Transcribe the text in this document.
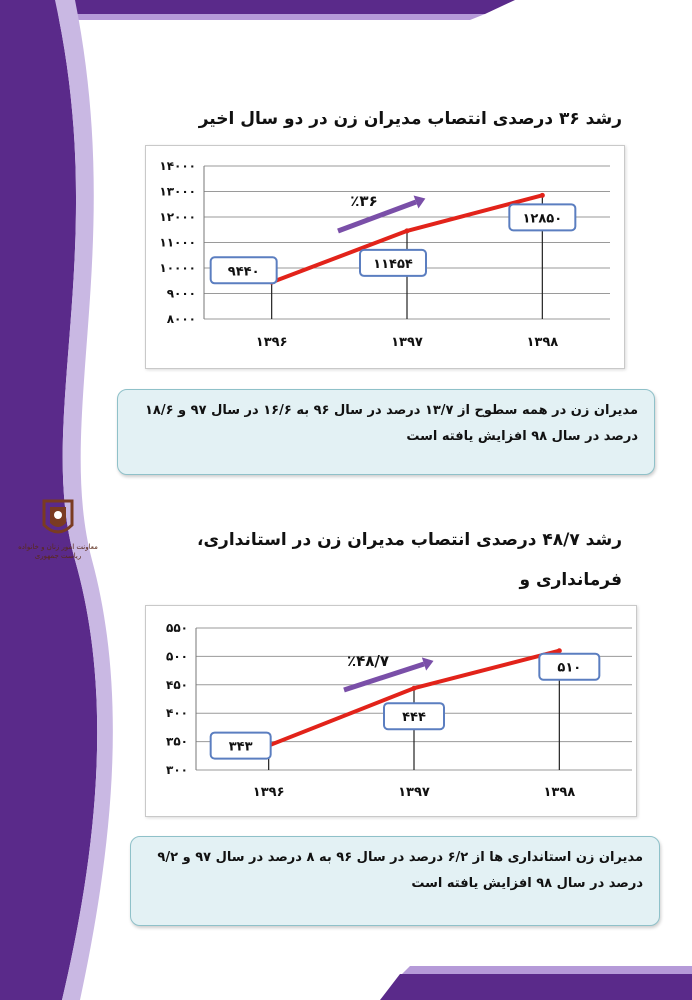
معاونت امور زنان و خانواده
ریاست جمهوری
رشد ۳۶ درصدی انتصاب مدیران زن در دو سال اخیر
۸۰۰۰
۹۰۰۰
۱۰۰۰۰
۱۱۰۰۰
۱۲۰۰۰
۱۳۰۰۰
۱۴۰۰۰
۱۳۹۶	۱۳۹۷	۱۳۹۸
۹۴۴۰	۱۱۴۵۴
۱۲۸۵۰
٪۳۶
مدیران زن در همه سطوح از ۱۳/۷ درصد در سال ۹۶ به ۱۶/۶ در سال ۹۷ و ۱۸/۶
درصد در سال ۹۸ افزایش یافته است
رشد ۴۸/۷ درصدی انتصاب مدیران زن در استانداری، فرمانداری و
۳۰۰
۳۵۰
۴۰۰
۴۵۰
۵۰۰
۵۵۰
۱۳۹۶	۱۳۹۷	۱۳۹۸
۳۴۳
۴۴۴
۵۱۰
٪۴۸/۷
مدیران زن استانداری ها از ۶/۲ درصد در سال ۹۶ به ۸ درصد در سال ۹۷ و ۹/۲
درصد در سال ۹۸ افزایش یافته است
